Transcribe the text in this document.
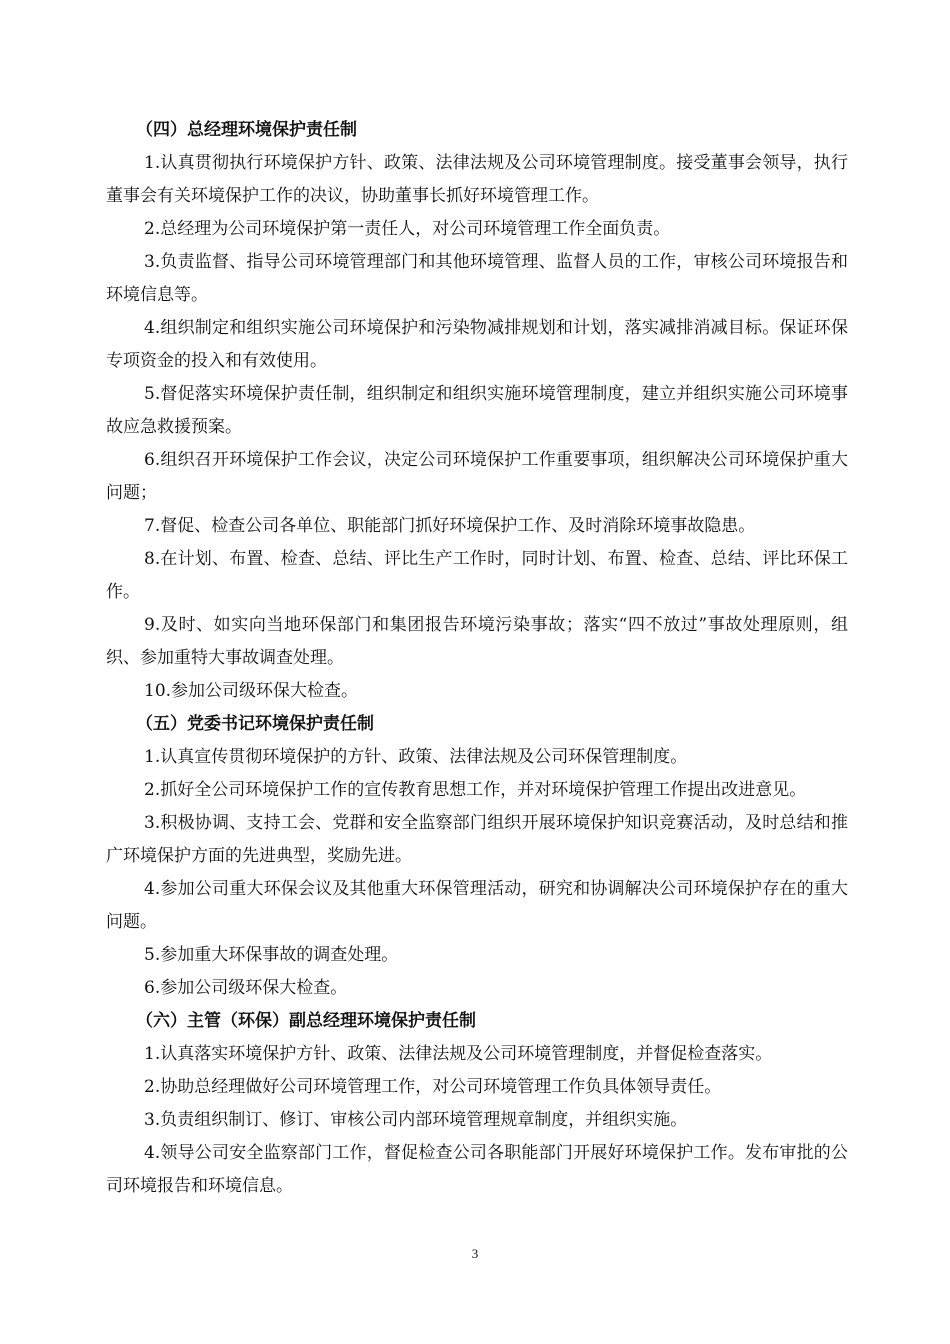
（四）总经理环境保护责任制

1.认真贯彻执行环境保护方针、政策、法律法规及公司环境管理制度。接受董事会领导，执行董事会有关环境保护工作的决议，协助董事长抓好环境管理工作。

2.总经理为公司环境保护第一责任人，对公司环境管理工作全面负责。

3.负责监督、指导公司环境管理部门和其他环境管理、监督人员的工作，审核公司环境报告和环境信息等。

4.组织制定和组织实施公司环境保护和污染物减排规划和计划，落实减排消减目标。保证环保专项资金的投入和有效使用。

5.督促落实环境保护责任制，组织制定和组织实施环境管理制度，建立并组织实施公司环境事故应急救援预案。

6.组织召开环境保护工作会议，决定公司环境保护工作重要事项，组织解决公司环境保护重大问题；

7.督促、检查公司各单位、职能部门抓好环境保护工作、及时消除环境事故隐患。

8.在计划、布置、检查、总结、评比生产工作时，同时计划、布置、检查、总结、评比环保工作。

9.及时、如实向当地环保部门和集团报告环境污染事故；落实“四不放过”事故处理原则，组织、参加重特大事故调查处理。

10.参加公司级环保大检查。

（五）党委书记环境保护责任制

1.认真宣传贯彻环境保护的方针、政策、法律法规及公司环保管理制度。

2.抓好全公司环境保护工作的宣传教育思想工作，并对环境保护管理工作提出改进意见。

3.积极协调、支持工会、党群和安全监察部门组织开展环境保护知识竞赛活动，及时总结和推广环境保护方面的先进典型，奖励先进。

4.参加公司重大环保会议及其他重大环保管理活动，研究和协调解决公司环境保护存在的重大问题。

5.参加重大环保事故的调查处理。

6.参加公司级环保大检查。

（六）主管（环保）副总经理环境保护责任制

1.认真落实环境保护方针、政策、法律法规及公司环境管理制度，并督促检查落实。

2.协助总经理做好公司环境管理工作，对公司环境管理工作负具体领导责任。

3.负责组织制订、修订、审核公司内部环境管理规章制度，并组织实施。

4.领导公司安全监察部门工作，督促检查公司各职能部门开展好环境保护工作。发布审批的公司环境报告和环境信息。

3
